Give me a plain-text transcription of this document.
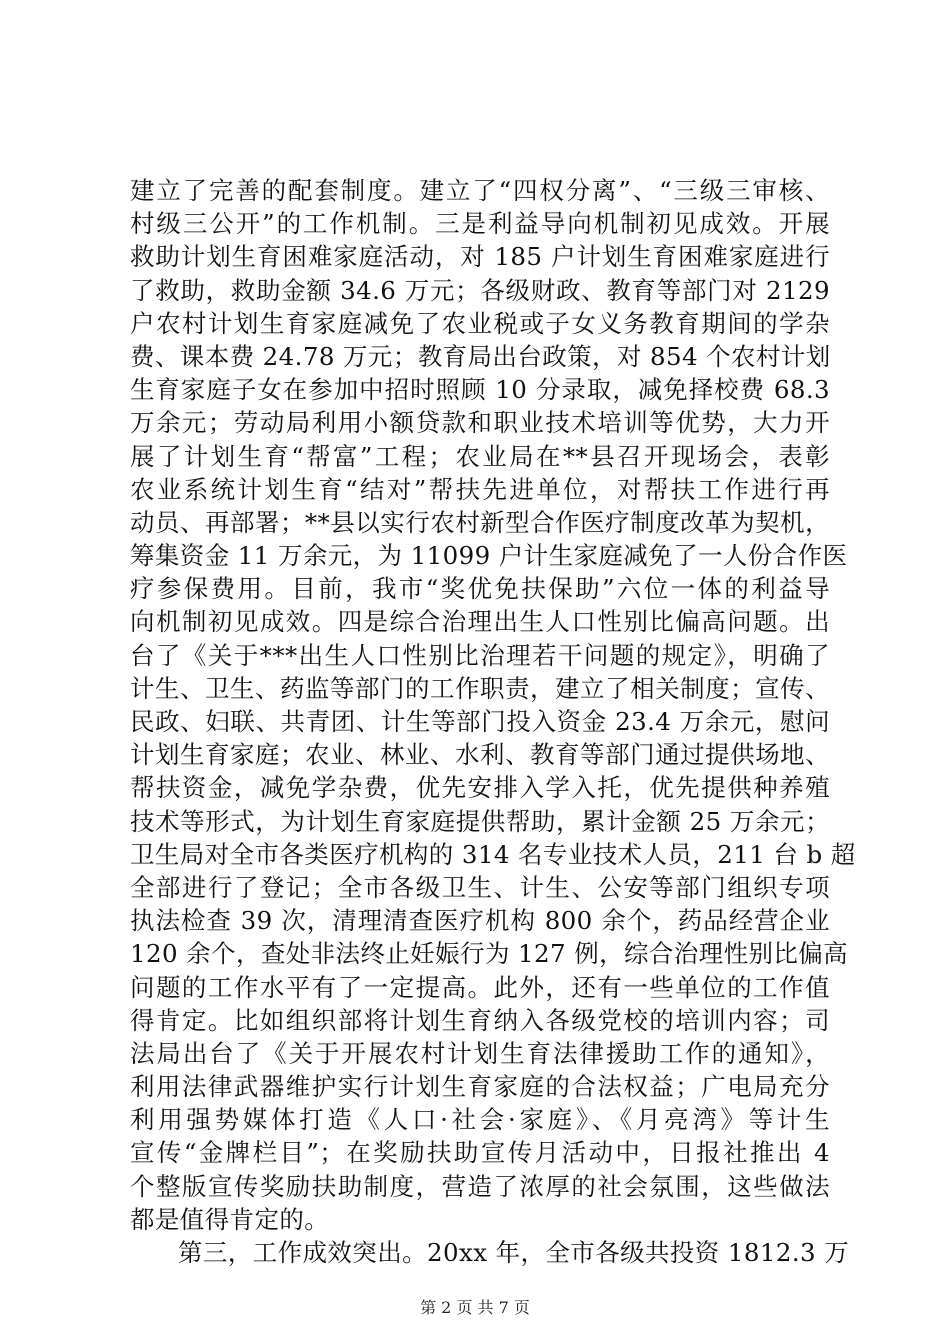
建立了完善的配套制度。建立了“四权分离”、“三级三审核、
村级三公开”的工作机制。三是利益导向机制初见成效。开展
救助计划生育困难家庭活动，对 185 户计划生育困难家庭进行
了救助，救助金额 34.6 万元；各级财政、教育等部门对 2129
户农村计划生育家庭减免了农业税或子女义务教育期间的学杂
费、课本费 24.78 万元；教育局出台政策，对 854 个农村计划
生育家庭子女在参加中招时照顾 10 分录取，减免择校费 68.3
万余元；劳动局利用小额贷款和职业技术培训等优势，大力开
展了计划生育“帮富”工程；农业局在**县召开现场会，表彰
农业系统计划生育“结对”帮扶先进单位，对帮扶工作进行再
动员、再部署；**县以实行农村新型合作医疗制度改革为契机，
筹集资金 11 万余元，为 11099 户计生家庭减免了一人份合作医
疗参保费用。目前，我市“奖优免扶保助”六位一体的利益导
向机制初见成效。四是综合治理出生人口性别比偏高问题。出
台了《关于***出生人口性别比治理若干问题的规定》，明确了
计生、卫生、药监等部门的工作职责，建立了相关制度；宣传、
民政、妇联、共青团、计生等部门投入资金 23.4 万余元，慰问
计划生育家庭；农业、林业、水利、教育等部门通过提供场地、
帮扶资金，减免学杂费，优先安排入学入托，优先提供种养殖
技术等形式，为计划生育家庭提供帮助，累计金额 25 万余元；
卫生局对全市各类医疗机构的 314 名专业技术人员，211 台 b 超
全部进行了登记；全市各级卫生、计生、公安等部门组织专项
执法检查 39 次，清理清查医疗机构 800 余个，药品经营企业
120 余个，查处非法终止妊娠行为 127 例，综合治理性别比偏高
问题的工作水平有了一定提高。此外，还有一些单位的工作值
得肯定。比如组织部将计划生育纳入各级党校的培训内容；司
法局出台了《关于开展农村计划生育法律援助工作的通知》，
利用法律武器维护实行计划生育家庭的合法权益；广电局充分
利用强势媒体打造《人口·社会·家庭》、《月亮湾》等计生
宣传“金牌栏目”；在奖励扶助宣传月活动中，日报社推出 4
个整版宣传奖励扶助制度，营造了浓厚的社会氛围，这些做法
都是值得肯定的。
第三，工作成效突出。20xx 年，全市各级共投资 1812.3 万
第 2 页 共 7 页
